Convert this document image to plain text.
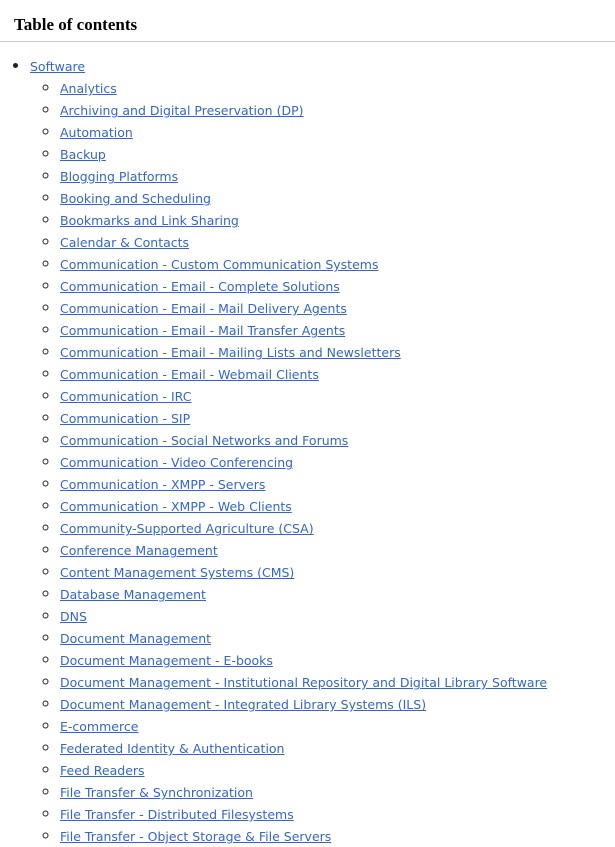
Table of contents
• Software
◦ Analytics
◦ Archiving and Digital Preservation (DP)
◦ Automation
◦ Backup
◦ Blogging Platforms
◦ Booking and Scheduling
◦ Bookmarks and Link Sharing
◦ Calendar & Contacts
◦ Communication - Custom Communication Systems
◦ Communication - Email - Complete Solutions
◦ Communication - Email - Mail Delivery Agents
◦ Communication - Email - Mail Transfer Agents
◦ Communication - Email - Mailing Lists and Newsletters
◦ Communication - Email - Webmail Clients
◦ Communication - IRC
◦ Communication - SIP
◦ Communication - Social Networks and Forums
◦ Communication - Video Conferencing
◦ Communication - XMPP - Servers
◦ Communication - XMPP - Web Clients
◦ Community-Supported Agriculture (CSA)
◦ Conference Management
◦ Content Management Systems (CMS)
◦ Database Management
◦ DNS
◦ Document Management
◦ Document Management - E-books
◦ Document Management - Institutional Repository and Digital Library Software
◦ Document Management - Integrated Library Systems (ILS)
◦ E-commerce
◦ Federated Identity & Authentication
◦ Feed Readers
◦ File Transfer & Synchronization
◦ File Transfer - Distributed Filesystems
◦ File Transfer - Object Storage & File Servers
